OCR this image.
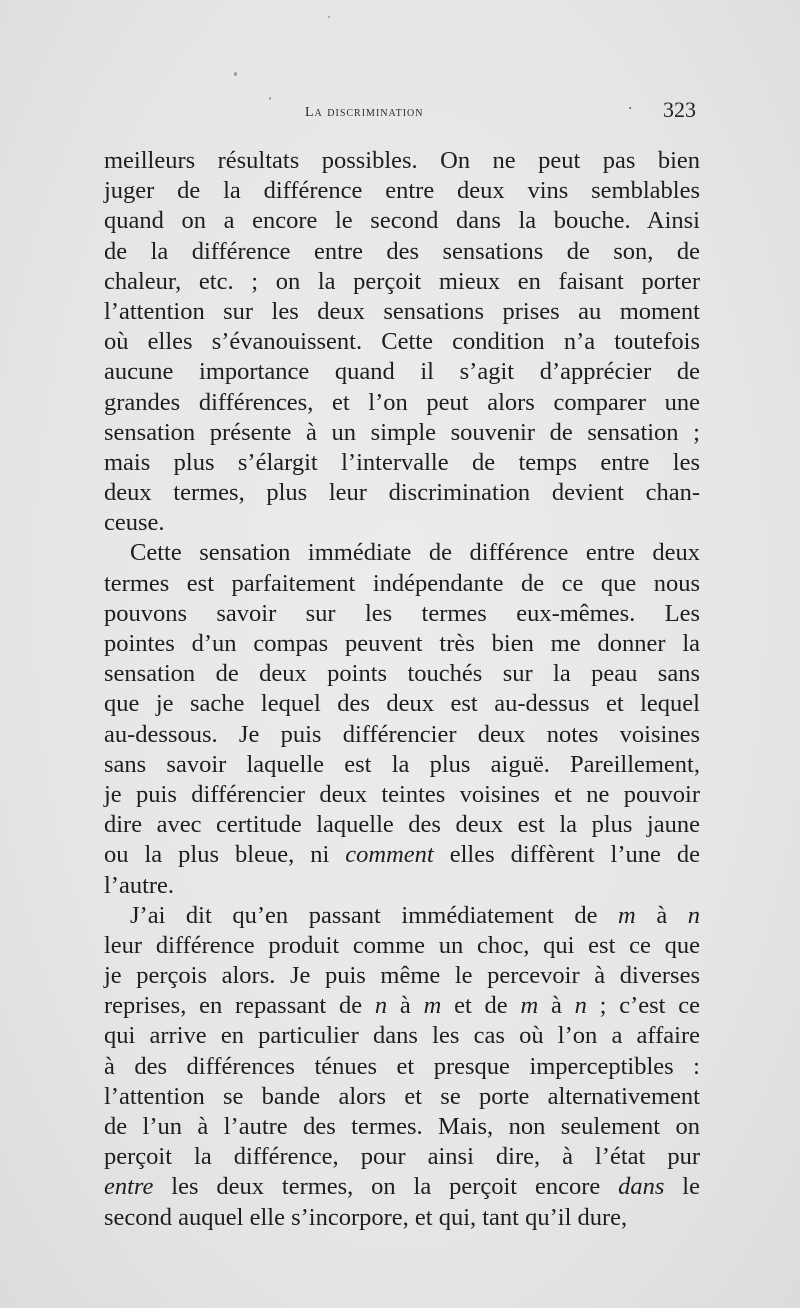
La discrimination	· 323
meilleurs résultats possibles. On ne peut pas bien
juger de la différence entre deux vins semblables
quand on a encore le second dans la bouche. Ainsi
de la différence entre des sensations de son, de
chaleur, etc. ; on la perçoit mieux en faisant porter
l’attention sur les deux sensations prises au moment
où elles s’évanouissent. Cette condition n’a toutefois
aucune importance quand il s’agit d’apprécier de
grandes différences, et l’on peut alors comparer une
sensation présente à un simple souvenir de sensation ;
mais plus s’élargit l’intervalle de temps entre les
deux termes, plus leur discrimination devient chan-
ceuse.
Cette sensation immédiate de différence entre deux
termes est parfaitement indépendante de ce que nous
pouvons savoir sur les termes eux-mêmes. Les
pointes d’un compas peuvent très bien me donner la
sensation de deux points touchés sur la peau sans
que je sache lequel des deux est au-dessus et lequel
au-dessous. Je puis différencier deux notes voisines
sans savoir laquelle est la plus aiguë. Pareillement,
je puis différencier deux teintes voisines et ne pouvoir
dire avec certitude laquelle des deux est la plus jaune
ou la plus bleue, ni comment elles diffèrent l’une de
l’autre.
J’ai dit qu’en passant immédiatement de m à n
leur différence produit comme un choc, qui est ce que
je perçois alors. Je puis même le percevoir à diverses
reprises, en repassant de n à m et de m à n ; c’est ce
qui arrive en particulier dans les cas où l’on a affaire
à des différences ténues et presque imperceptibles :
l’attention se bande alors et se porte alternativement
de l’un à l’autre des termes. Mais, non seulement on
perçoit la différence, pour ainsi dire, à l’état pur
entre les deux termes, on la perçoit encore dans le
second auquel elle s’incorpore, et qui, tant qu’il dure,
